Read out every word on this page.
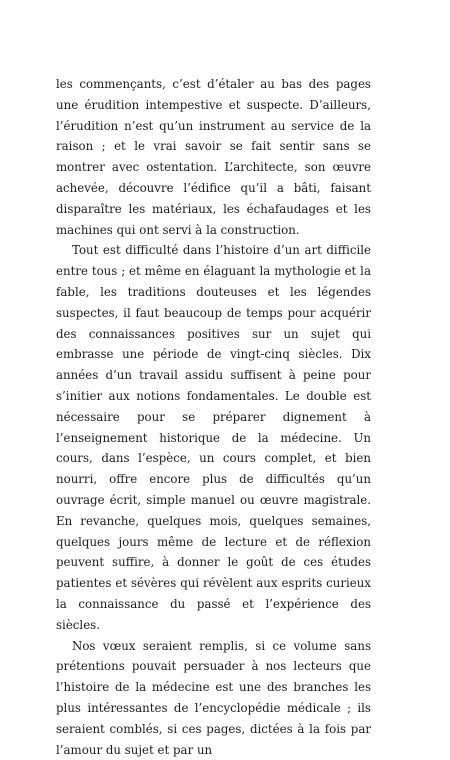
les commençants, c’est d’étaler au bas des pages une érudition intempestive et suspecte. D’ailleurs, l’érudition n’est qu’un instrument au service de la raison ; et le vrai savoir se fait sentir sans se montrer avec ostentation. L’architecte, son œuvre achevée, découvre l’édifice qu’il a bâti, faisant disparaître les matériaux, les échafaudages et les machines qui ont servi à la construction.

Tout est difficulté dans l’histoire d’un art difficile entre tous ; et même en élaguant la mythologie et la fable, les traditions douteuses et les légendes suspectes, il faut beaucoup de temps pour acquérir des connaissances positives sur un sujet qui embrasse une période de vingt-cinq siècles. Dix années d’un travail assidu suffisent à peine pour s’initier aux notions fondamentales. Le double est nécessaire pour se préparer dignement à l’enseignement historique de la médecine. Un cours, dans l’espèce, un cours complet, et bien nourri, offre encore plus de difficultés qu’un ouvrage écrit, simple manuel ou œuvre magistrale. En revanche, quelques mois, quelques semaines, quelques jours même de lecture et de réflexion peuvent suffire, à donner le goût de ces études patientes et sévères qui révèlent aux esprits curieux la connaissance du passé et l’expérience des siècles.

Nos vœux seraient remplis, si ce volume sans prétentions pouvait persuader à nos lecteurs que l’histoire de la médecine est une des branches les plus intéressantes de l’encyclopédie médicale ; ils seraient comblés, si ces pages, dictées à la fois par l’amour du sujet et par un
